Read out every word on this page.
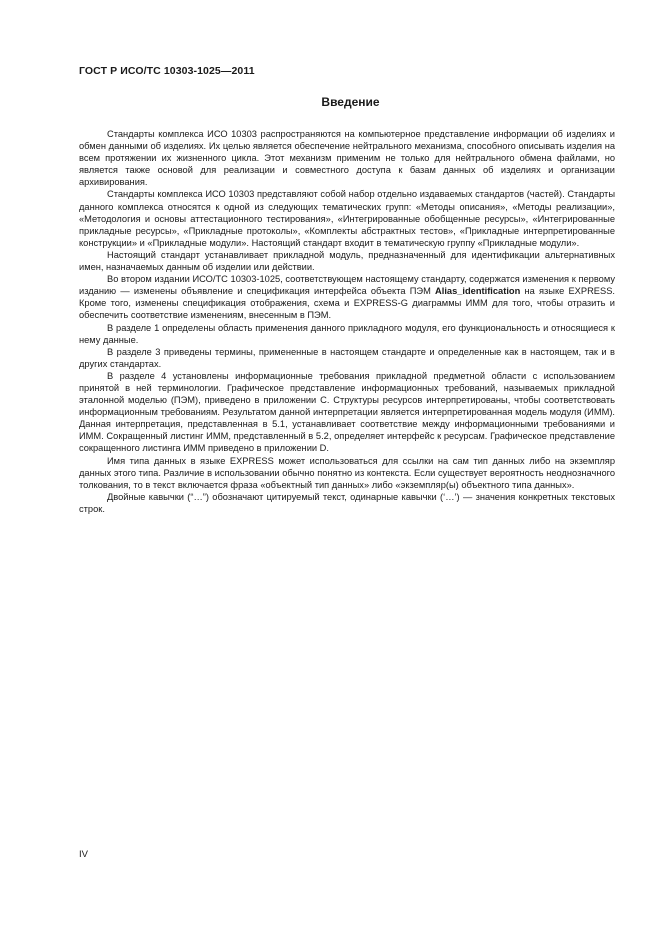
ГОСТ Р ИСО/ТС 10303-1025—2011
Введение

Стандарты комплекса ИСО 10303 распространяются на компьютерное представление информации об изделиях и обмен данными об изделиях. Их целью является обеспечение нейтрального механизма, способного описывать изделия на всем протяжении их жизненного цикла. Этот механизм применим не только для нейтрального обмена файлами, но является также основой для реализации и совместного доступа к базам данных об изделиях и организации архивирования.

Стандарты комплекса ИСО 10303 представляют собой набор отдельно издаваемых стандартов (частей). Стандарты данного комплекса относятся к одной из следующих тематических групп: «Методы описания», «Методы реализации», «Методология и основы аттестационного тестирования», «Интегрированные обобщенные ресурсы», «Интегрированные прикладные ресурсы», «Прикладные протоколы», «Комплекты абстрактных тестов», «Прикладные интерпретированные конструкции» и «Прикладные модули». Настоящий стандарт входит в тематическую группу «Прикладные модули».

Настоящий стандарт устанавливает прикладной модуль, предназначенный для идентификации альтернативных имен, назначаемых данным об изделии или действии.

Во втором издании ИСО/ТС 10303-1025, соответствующем настоящему стандарту, содержатся изменения к первому изданию — изменены объявление и спецификация интерфейса объекта ПЭМ Alias_identification на языке EXPRESS. Кроме того, изменены спецификация отображения, схема и EXPRESS-G диаграммы ИММ для того, чтобы отразить и обеспечить соответствие изменениям, внесенным в ПЭМ.

В разделе 1 определены область применения данного прикладного модуля, его функциональность и относящиеся к нему данные.

В разделе 3 приведены термины, примененные в настоящем стандарте и определенные как в настоящем, так и в других стандартах.

В разделе 4 установлены информационные требования прикладной предметной области с использованием принятой в ней терминологии. Графическое представление информационных требований, называемых прикладной эталонной моделью (ПЭМ), приведено в приложении C. Структуры ресурсов интерпретированы, чтобы соответствовать информационным требованиям. Результатом данной интерпретации является интерпретированная модель модуля (ИММ). Данная интерпретация, представленная в 5.1, устанавливает соответствие между информационными требованиями и ИММ. Сокращенный листинг ИММ, представленный в 5.2, определяет интерфейс к ресурсам. Графическое представление сокращенного листинга ИММ приведено в приложении D.

Имя типа данных в языке EXPRESS может использоваться для ссылки на сам тип данных либо на экземпляр данных этого типа. Различие в использовании обычно понятно из контекста. Если существует вероятность неоднозначного толкования, то в текст включается фраза «объектный тип данных» либо «экземпляр(ы) объектного типа данных».

Двойные кавычки (“…”) обозначают цитируемый текст, одинарные кавычки (‘…’) — значения конкретных текстовых строк.

IV
